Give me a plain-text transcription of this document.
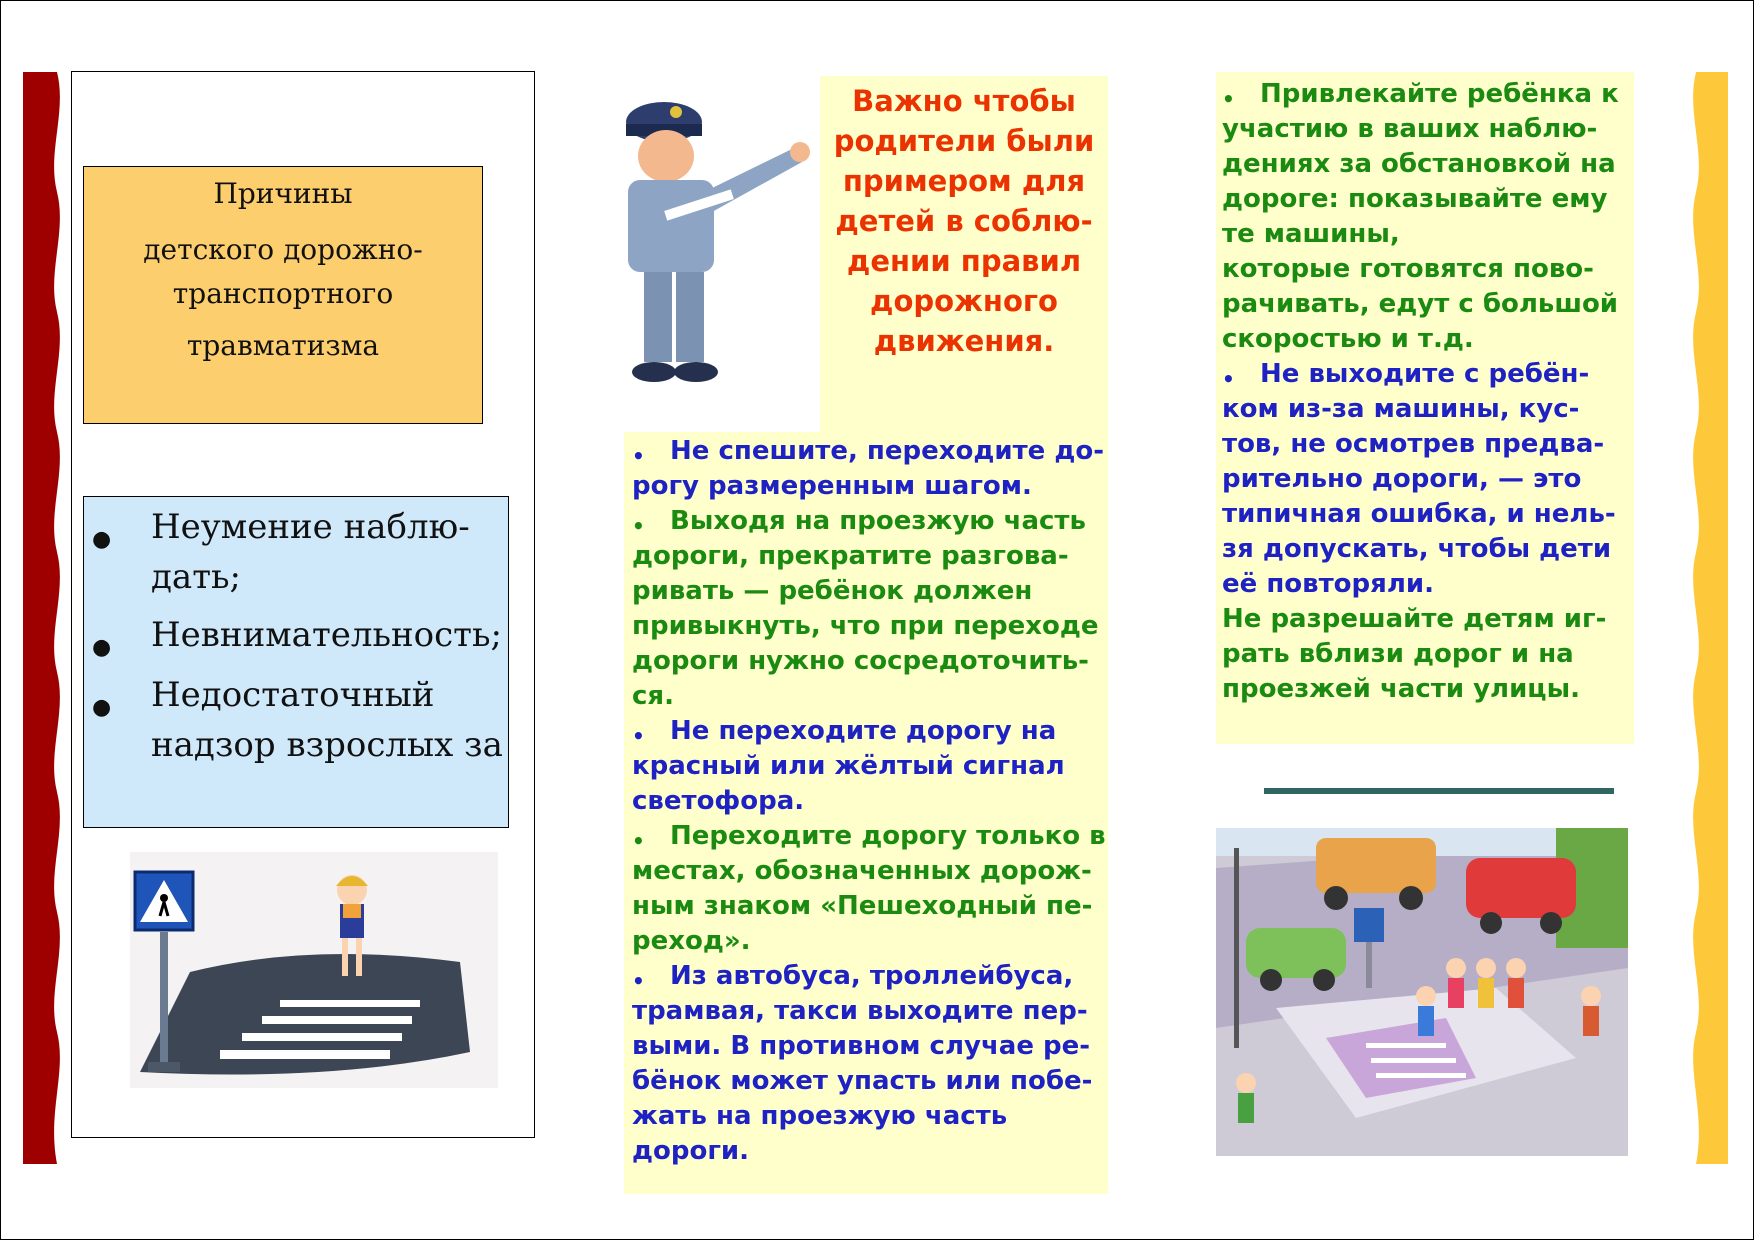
Причины
детского дорожно-
транспортного
травматизма
● Неумение наблю-
дать;
● Невнимательность;
● Недостаточный
надзор взрослых за
Важно чтобы
родители были
примером для
детей в соблю-
дении правил
дорожного
движения.
• Не спешите, переходите до-
рогу размеренным шагом.
• Выходя на проезжую часть
дороги, прекратите разгова-
ривать — ребёнок должен
привыкнуть, что при переходе
дороги нужно сосредоточить-
ся.
• Не переходите дорогу на
красный или жёлтый сигнал
светофора.
• Переходите дорогу только в
местах, обозначенных дорож-
ным знаком «Пешеходный пе-
реход».
• Из автобуса, троллейбуса,
трамвая, такси выходите пер-
выми. В противном случае ре-
бёнок может упасть или побе-
жать на проезжую часть
дороги.
• Привлекайте ребёнка к
участию в ваших наблю-
дениях за обстановкой на
дороге: показывайте ему
те машины,
которые готовятся пово-
рачивать, едут с большой
скоростью и т.д.
• Не выходите с ребён-
ком из-за машины, кус-
тов, не осмотрев предва-
рительно дороги, — это
типичная ошибка, и нель-
зя допускать, чтобы дети
её повторяли.
Не разрешайте детям иг-
рать вблизи дорог и на
проезжей части улицы.
